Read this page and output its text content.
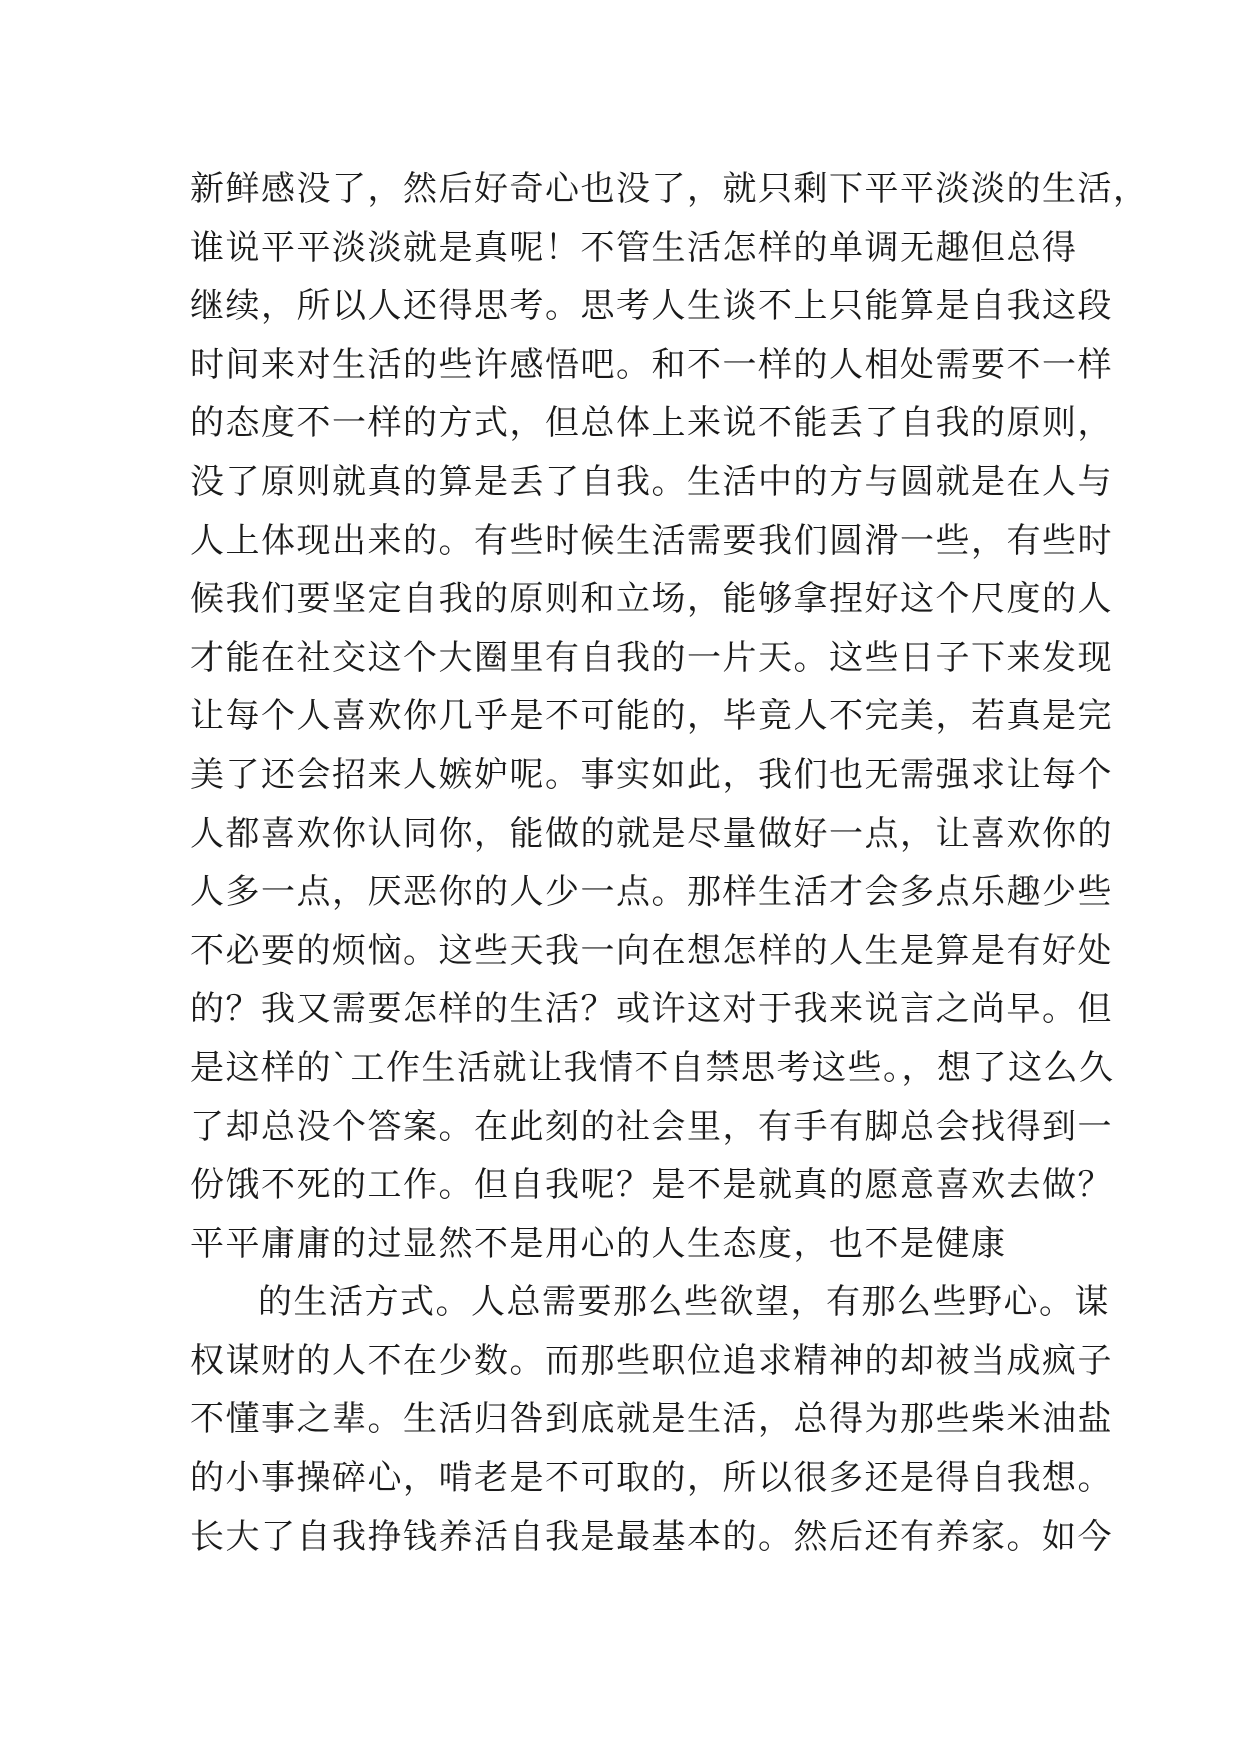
新鲜感没了，然后好奇心也没了，就只剩下平平淡淡的生活，
谁说平平淡淡就是真呢！不管生活怎样的单调无趣但总得
继续，所以人还得思考。思考人生谈不上只能算是自我这段
时间来对生活的些许感悟吧。和不一样的人相处需要不一样
的态度不一样的方式，但总体上来说不能丢了自我的原则，
没了原则就真的算是丢了自我。生活中的方与圆就是在人与
人上体现出来的。有些时候生活需要我们圆滑一些，有些时
候我们要坚定自我的原则和立场，能够拿捏好这个尺度的人
才能在社交这个大圈里有自我的一片天。这些日子下来发现
让每个人喜欢你几乎是不可能的，毕竟人不完美，若真是完
美了还会招来人嫉妒呢。事实如此，我们也无需强求让每个
人都喜欢你认同你，能做的就是尽量做好一点，让喜欢你的
人多一点，厌恶你的人少一点。那样生活才会多点乐趣少些
不必要的烦恼。这些天我一向在想怎样的人生是算是有好处
的？我又需要怎样的生活？或许这对于我来说言之尚早。但
是这样的`工作生活就让我情不自禁思考这些。，想了这么久
了却总没个答案。在此刻的社会里，有手有脚总会找得到一
份饿不死的工作。但自我呢？是不是就真的愿意喜欢去做？
平平庸庸的过显然不是用心的人生态度，也不是健康
的生活方式。人总需要那么些欲望，有那么些野心。谋
权谋财的人不在少数。而那些职位追求精神的却被当成疯子
不懂事之辈。生活归咎到底就是生活，总得为那些柴米油盐
的小事操碎心，啃老是不可取的，所以很多还是得自我想。
长大了自我挣钱养活自我是最基本的。然后还有养家。如今
